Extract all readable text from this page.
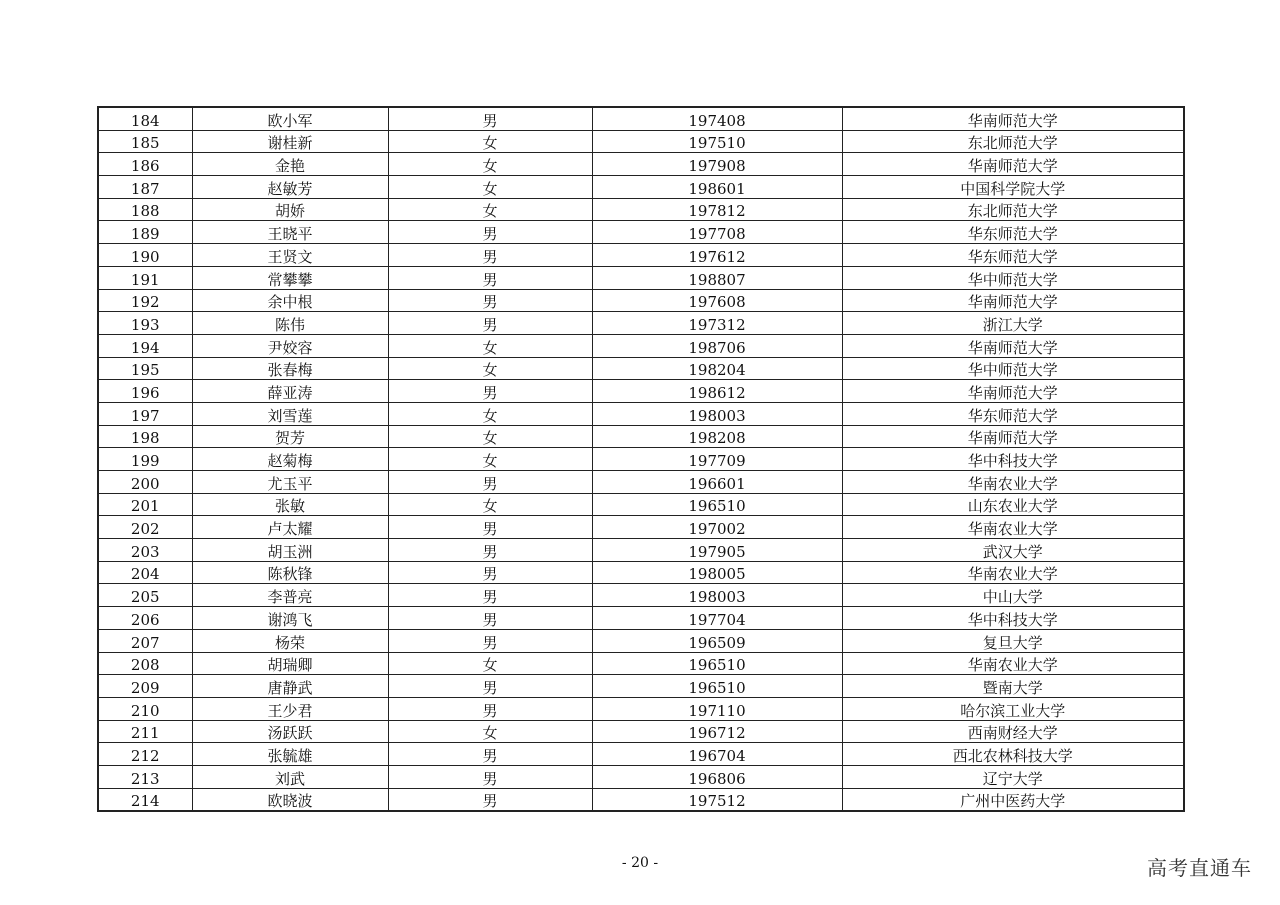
184	欧小军	男	197408	华南师范大学
185	谢桂新	女	197510	东北师范大学
186	金艳	女	197908	华南师范大学
187	赵敏芳	女	198601	中国科学院大学
188	胡娇	女	197812	东北师范大学
189	王晓平	男	197708	华东师范大学
190	王贤文	男	197612	华东师范大学
191	常攀攀	男	198807	华中师范大学
192	余中根	男	197608	华南师范大学
193	陈伟	男	197312	浙江大学
194	尹姣容	女	198706	华南师范大学
195	张春梅	女	198204	华中师范大学
196	薛亚涛	男	198612	华南师范大学
197	刘雪莲	女	198003	华东师范大学
198	贺芳	女	198208	华南师范大学
199	赵菊梅	女	197709	华中科技大学
200	尤玉平	男	196601	华南农业大学
201	张敏	女	196510	山东农业大学
202	卢太耀	男	197002	华南农业大学
203	胡玉洲	男	197905	武汉大学
204	陈秋锋	男	198005	华南农业大学
205	李普亮	男	198003	中山大学
206	谢鸿飞	男	197704	华中科技大学
207	杨荣	男	196509	复旦大学
208	胡瑞卿	女	196510	华南农业大学
209	唐静武	男	196510	暨南大学
210	王少君	男	197110	哈尔滨工业大学
211	汤跃跃	女	196712	西南财经大学
212	张毓雄	男	196704	西北农林科技大学
213	刘武	男	196806	辽宁大学
214	欧晓波	男	197512	广州中医药大学
- 20 -	高考直通车
